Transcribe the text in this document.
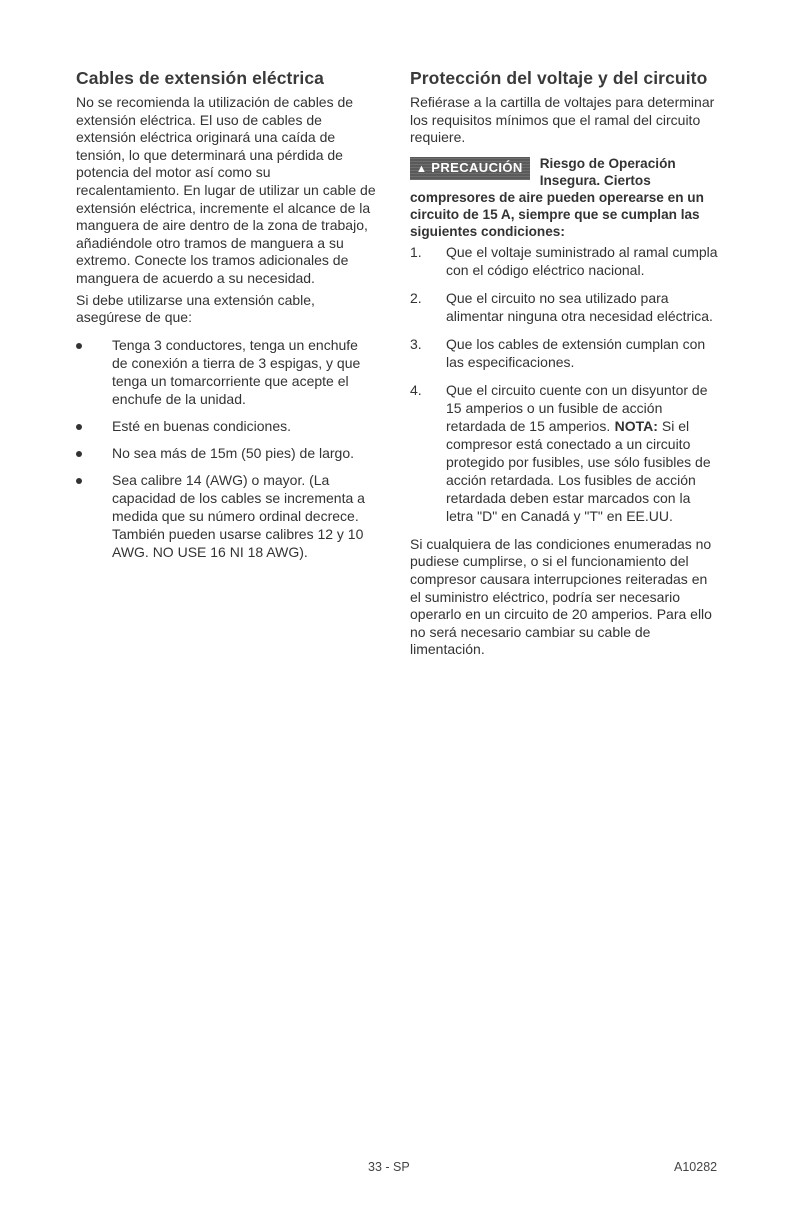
Cables de extensión eléctrica

No se recomienda la utilización de cables de extensión eléctrica. El uso de cables de extensión eléctrica originará una caída de tensión, lo que determinará una pérdida de potencia del motor así como su recalentamiento. En lugar de utilizar un cable de extensión eléctrica, incremente el alcance de la manguera de aire dentro de la zona de trabajo, añadiéndole otro tramos de manguera a su extremo. Conecte los tramos adicionales de manguera de acuerdo a su necesidad.

Si debe utilizarse una extensión cable, asegúrese de que:

Tenga 3 conductores, tenga un enchufe de conexión a tierra de 3 espigas, y que tenga un tomarcorriente que acepte el enchufe de la unidad.
Esté en buenas condiciones.
No sea más de 15m (50 pies) de largo.
Sea calibre 14 (AWG) o mayor. (La capacidad de los cables se incrementa a medida que su número ordinal decrece. También pueden usarse calibres 12 y 10 AWG. NO USE 16 NI 18 AWG).
Protección del voltaje y del circuito

Refiérase a la cartilla de voltajes para determinar los requisitos mínimos que el ramal del circuito requiere.

▲ PRECAUCIÓN	Riesgo de Operación Insegura. Ciertos
compresores de aire pueden operearse en un circuito de 15 A, siempre que se cumplan las siguientes condiciones:
1. Que el voltaje suministrado al ramal cumpla con el código eléctrico nacional.
2. Que el circuito no sea utilizado para alimentar ninguna otra necesidad eléctrica.
3. Que los cables de extensión cumplan con las especificaciones.
4. Que el circuito cuente con un disyuntor de 15 amperios o un fusible de acción retardada de 15 amperios. NOTA: Si el compresor está conectado a un circuito protegido por fusibles, use sólo fusibles de acción retardada. Los fusibles de acción retardada deben estar marcados con la letra "D" en Canadá y "T" en EE.UU.

Si cualquiera de las condiciones enumeradas no pudiese cumplirse, o si el funcionamiento del compresor causara interrupciones reiteradas en el suministro eléctrico, podría ser necesario operarlo en un circuito de 20 amperios. Para ello no será necesario cambiar su cable de limentación.

33 - SP	A10282
